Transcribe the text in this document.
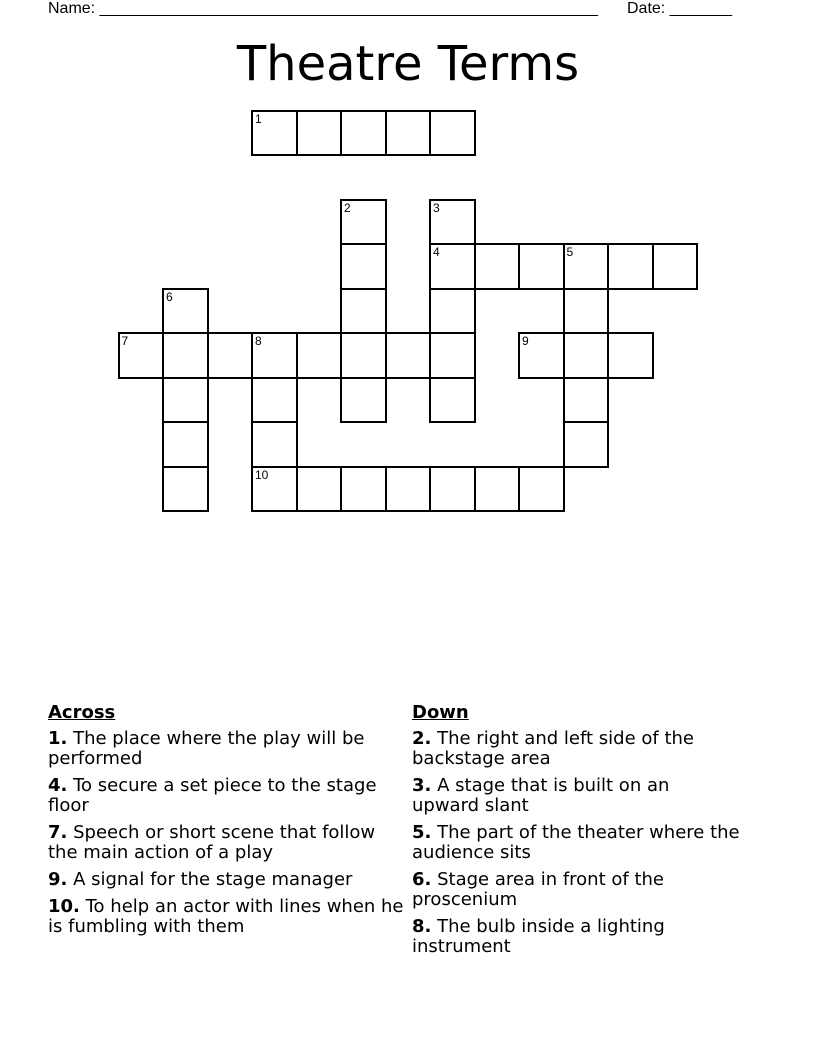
Name: ________________________________________________________ Date: _______
Theatre Terms
1
2	3
4	5
6
7	8	9
10
Across
1. The place where the play will be performed
4. To secure a set piece to the stage floor
7. Speech or short scene that follow the main action of a play
9. A signal for the stage manager
10. To help an actor with lines when he is fumbling with them
Down
2. The right and left side of the backstage area
3. A stage that is built on an upward slant
5. The part of the theater where the audience sits
6. Stage area in front of the proscenium
8. The bulb inside a lighting instrument
